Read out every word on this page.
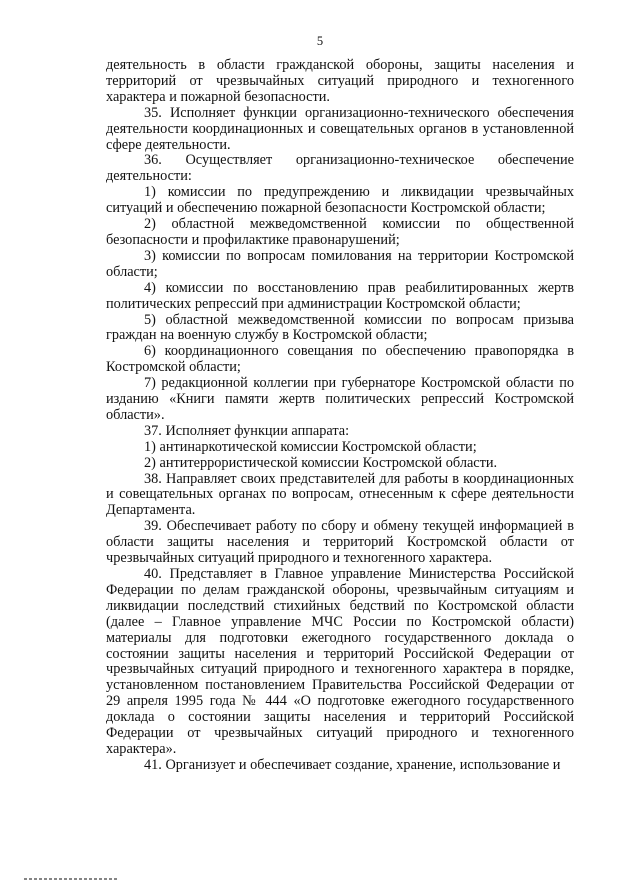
5

деятельность в области гражданской обороны, защиты населения и территорий от чрезвычайных ситуаций природного и техногенного характера и пожарной безопасности.

35. Исполняет функции организационно-технического обеспечения деятельности координационных и совещательных органов в установленной сфере деятельности.

36. Осуществляет организационно-техническое обеспечение деятельности:

1) комиссии по предупреждению и ликвидации чрезвычайных ситуаций и обеспечению пожарной безопасности Костромской области;

2) областной межведомственной комиссии по общественной безопасности и профилактике правонарушений;

3) комиссии по вопросам помилования на территории Костромской области;

4) комиссии по восстановлению прав реабилитированных жертв политических репрессий при администрации Костромской области;

5) областной межведомственной комиссии по вопросам призыва граждан на военную службу в Костромской области;

6) координационного совещания по обеспечению правопорядка в Костромской области;

7) редакционной коллегии при губернаторе Костромской области по изданию «Книги памяти жертв политических репрессий Костромской области».

37. Исполняет функции аппарата:

1) антинаркотической комиссии Костромской области;

2) антитеррористической комиссии Костромской области.

38. Направляет своих представителей для работы в координационных и совещательных органах по вопросам, отнесенным к сфере деятельности Департамента.

39. Обеспечивает работу по сбору и обмену текущей информацией в области защиты населения и территорий Костромской области от чрезвычайных ситуаций природного и техногенного характера.

40. Представляет в Главное управление Министерства Российской Федерации по делам гражданской обороны, чрезвычайным ситуациям и ликвидации последствий стихийных бедствий по Костромской области (далее – Главное управление МЧС России по Костромской области) материалы для подготовки ежегодного государственного доклада о состоянии защиты населения и территорий Российской Федерации от чрезвычайных ситуаций природного и техногенного характера в порядке, установленном постановлением Правительства Российской Федерации от 29 апреля 1995 года № 444 «О подготовке ежегодного государственного доклада о состоянии защиты населения и территорий Российской Федерации от чрезвычайных ситуаций природного и техногенного характера».

41. Организует и обеспечивает создание, хранение, использование и
